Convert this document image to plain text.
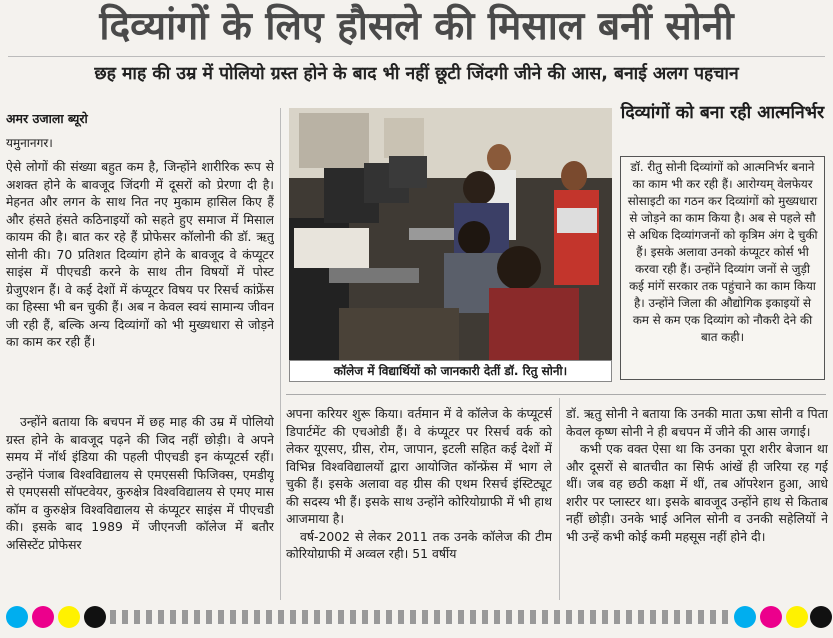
दिव्यांगों के लिए हौसले की मिसाल बनीं सोनी
छह माह की उम्र में पोलियो ग्रस्त होने के बाद भी नहीं छूटी जिंदगी जीने की आस, बनाई अलग पहचान
अमर उजाला ब्यूरो
यमुनानगर।

ऐसे लोगों की संख्या बहुत कम है, जिन्होंने शारीरिक रूप से अशक्त होने के बावजूद जिंदगी में दूसरों को प्रेरणा दी है। मेहनत और लगन के साथ नित नए मुकाम हासिल किए हैं और हंसते हंसते कठिनाइयों को सहते हुए समाज में मिसाल कायम की है। बात कर रहे हैं प्रोफेसर कॉलोनी की डॉ. ऋतु सोनी की। 70 प्रतिशत दिव्यांग होने के बावजूद वे कंप्यूटर साइंस में पीएचडी करने के साथ तीन विषयों में पोस्ट ग्रेजुएशन हैं। वे कई देशों में कंप्यूटर विषय पर रिसर्च कांफ्रेंस का हिस्सा भी बन चुकी हैं। अब न केवल स्वयं सामान्य जीवन जी रही हैं, बल्कि अन्य दिव्यांगों को भी मुख्यधारा से जोड़ने का काम कर रही हैं।

उन्होंने बताया कि बचपन में छह माह की उम्र में पोलियो ग्रस्त होने के बावजूद पढ़ने की जिद नहीं छोड़ी। वे अपने समय में नॉर्थ इंडिया की पहली पीएचडी इन कंप्यूटर्स रहीं। उन्होंने पंजाब विश्वविद्यालय से एमएससी फिजिक्स, एमडीयू से एमएससी सॉफ्टवेयर, कुरुक्षेत्र विश्वविद्यालय से एमए मास कॉम व कुरुक्षेत्र विश्वविद्यालय से कंप्यूटर साइंस में पीएचडी की। इसके बाद 1989 में जीएनजी कॉलेज में बतौर असिस्टेंट प्रोफेसर

कॉलेज में विद्यार्थियों को जानकारी देतीं डॉ. रितु सोनी।
दिव्यांगों को बना रही आत्मनिर्भर
डॉ. रीतु सोनी दिव्यांगों को आत्मनिर्भर बनाने का काम भी कर रही हैं। आरोग्यम् वेलफेयर सोसाइटी का गठन कर दिव्यांगों को मुख्यधारा से जोड़ने का काम किया है। अब से पहले सौ से अधिक दिव्यांगजनों को कृत्रिम अंग दे चुकी हैं। इसके अलावा उनको कंप्यूटर कोर्स भी करवा रही हैं। उन्होंने दिव्यांग जनों से जुड़ी कई मांगें सरकार तक पहुंचाने का काम किया है। उन्होंने जिला की औद्योगिक इकाइयों से कम से कम एक दिव्यांग को नौकरी देने की बात कही।

अपना करियर शुरू किया। वर्तमान में वे कॉलेज के कंप्यूटर्स डिपार्टमेंट की एचओडी हैं। वे कंप्यूटर पर रिसर्च वर्क को लेकर यूएसए, ग्रीस, रोम, जापान, इटली सहित कई देशों में विभिन्न विश्वविद्यालयों द्वारा आयोजित कॉन्फ्रेंस में भाग ले चुकी हैं। इसके अलावा वह ग्रीस की एथम रिसर्च इंस्टिट्यूट की सदस्य भी हैं। इसके साथ उन्होंने कोरियोग्राफी में भी हाथ आजमाया है।

वर्ष-2002 से लेकर 2011 तक उनके कॉलेज की टीम कोरियोग्राफी में अव्वल रही। 51 वर्षीय

डॉ. ऋतु सोनी ने बताया कि उनकी माता ऊषा सोनी व पिता केवल कृष्ण सोनी ने ही बचपन में जीने की आस जगाई।

कभी एक वक्त ऐसा था कि उनका पूरा शरीर बेजान था और दूसरों से बातचीत का सिर्फ आंखें ही जरिया रह गई थीं। जब वह छठी कक्षा में थीं, तब ऑपरेशन हुआ, आधे शरीर पर प्लास्टर था। इसके बावजूद उन्होंने हाथ से किताब नहीं छोड़ी। उनके भाई अनिल सोनी व उनकी सहेलियों ने भी उन्हें कभी कोई कमी महसूस नहीं होने दी।
